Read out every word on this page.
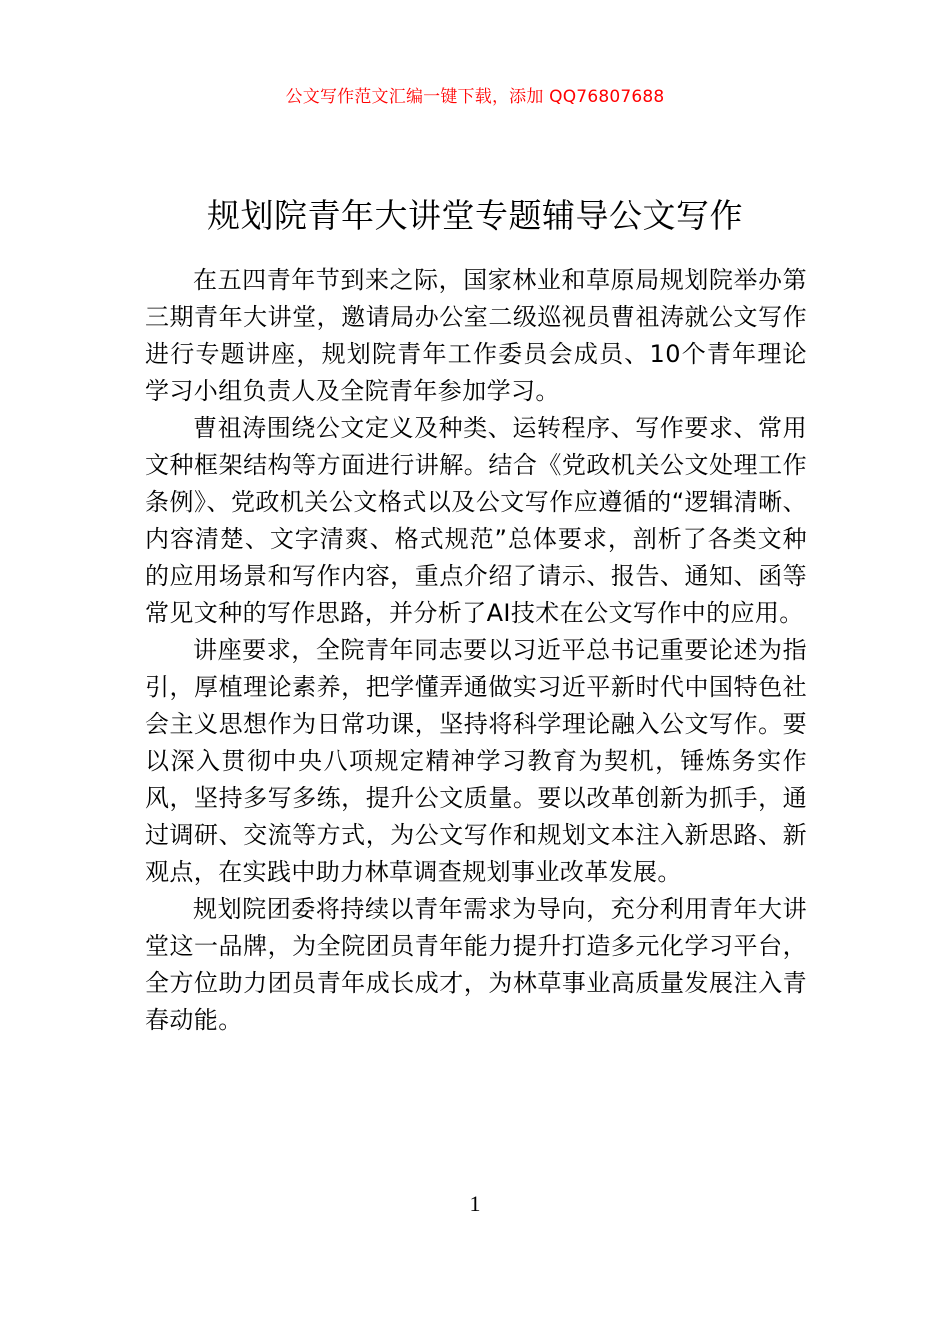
公文写作范文汇编一键下载，添加 QQ76807688
规划院青年大讲堂专题辅导公文写作

在五四青年节到来之际，国家林业和草原局规划院举办第三期青年大讲堂，邀请局办公室二级巡视员曹祖涛就公文写作进行专题讲座，规划院青年工作委员会成员、10个青年理论学习小组负责人及全院青年参加学习。

曹祖涛围绕公文定义及种类、运转程序、写作要求、常用文种框架结构等方面进行讲解。结合《党政机关公文处理工作条例》、党政机关公文格式以及公文写作应遵循的“逻辑清晰、内容清楚、文字清爽、格式规范”总体要求，剖析了各类文种的应用场景和写作内容，重点介绍了请示、报告、通知、函等常见文种的写作思路，并分析了AI技术在公文写作中的应用。

讲座要求，全院青年同志要以习近平总书记重要论述为指引，厚植理论素养，把学懂弄通做实习近平新时代中国特色社会主义思想作为日常功课，坚持将科学理论融入公文写作。要以深入贯彻中央八项规定精神学习教育为契机，锤炼务实作风，坚持多写多练，提升公文质量。要以改革创新为抓手，通过调研、交流等方式，为公文写作和规划文本注入新思路、新观点，在实践中助力林草调查规划事业改革发展。

规划院团委将持续以青年需求为导向，充分利用青年大讲堂这一品牌，为全院团员青年能力提升打造多元化学习平台，全方位助力团员青年成长成才，为林草事业高质量发展注入青春动能。

1
